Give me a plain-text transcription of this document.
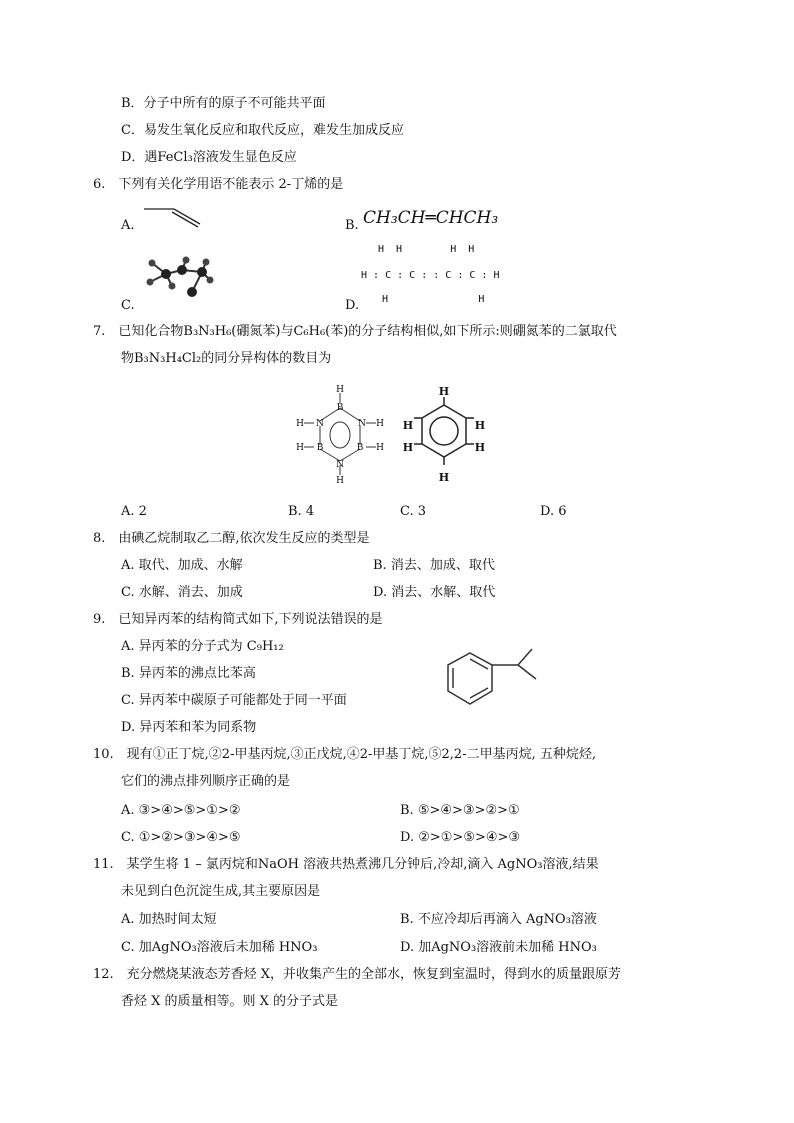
B．分子中所有的原子不可能共平面
C．易发生氧化反应和取代反应，难发生加成反应
D．遇FeCl₃溶液发生显色反应
6.　下列有关化学用语不能表示 2-丁烯的是
A.	B. CH₃CH═CHCH₃
C.	D.
H  H        H  H
H : C : C : : C : C : H
H               H
7.　已知化合物B₃N₃H₆(硼氮苯)与C₆H₆(苯)的分子结构相似,如下所示:则硼氮苯的二氯取代
物B₃N₃H₄Cl₂的同分异构体的数目为
H
B
H N	N H
H B	B H
N
H
H
H
H
H
H
H
A. 2	B. 4	C. 3	D. 6
8.　由碘乙烷制取乙二醇,依次发生反应的类型是
A. 取代、加成、水解	B. 消去、加成、取代
C. 水解、消去、加成	D. 消去、水解、取代
9.　已知异丙苯的结构简式如下,下列说法错误的是
A. 异丙苯的分子式为 C₉H₁₂
B. 异丙苯的沸点比苯高
C. 异丙苯中碳原子可能都处于同一平面
D. 异丙苯和苯为同系物
10.　现有①正丁烷,②2-甲基丙烷,③正戊烷,④2-甲基丁烷,⑤2,2-二甲基丙烷, 五种烷烃,
它们的沸点排列顺序正确的是
A. ③>④>⑤>①>②	B. ⑤>④>③>②>①
C. ①>②>③>④>⑤	D. ②>①>⑤>④>③
11.　某学生将 1 – 氯丙烷和NaOH 溶液共热煮沸几分钟后,冷却,滴入 AgNO₃溶液,结果
未见到白色沉淀生成,其主要原因是
A. 加热时间太短	B. 不应冷却后再滴入 AgNO₃溶液
C. 加AgNO₃溶液后未加稀 HNO₃	D. 加AgNO₃溶液前未加稀 HNO₃
12.　充分燃烧某液态芳香烃 X，并收集产生的全部水，恢复到室温时，得到水的质量跟原芳
香烃 X 的质量相等。则 X 的分子式是
